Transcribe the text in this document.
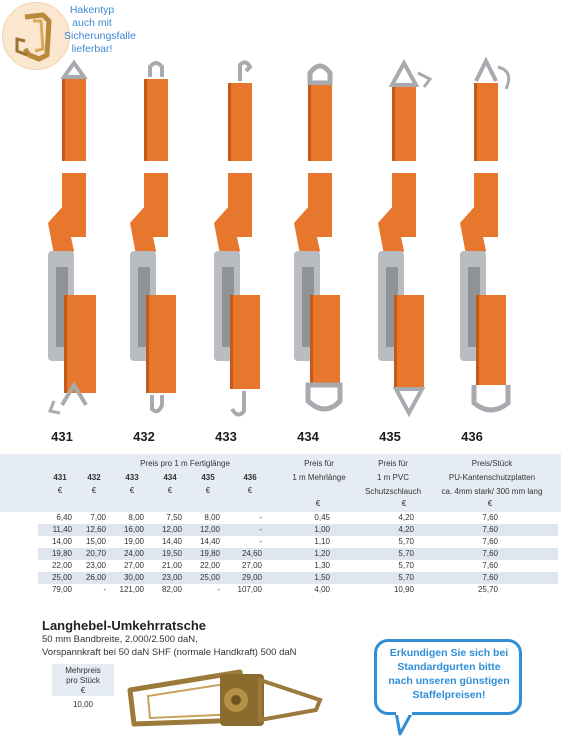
Hakentyp
auch mit
Sicherungsfalle
lieferbar!
431	432	433	434	435	436
Preis pro 1 m Fertiglänge
431	432	433	434	435	436
€	€	€	€	€	€
Preis für
1 m Mehrlänge
€
Preis für
1 m PVC
Schutzschlauch
€
Preis/Stück
PU-Kantenschutzplatten
ca. 4mm stark/ 300 mm lang
€
6,40	7,00	8,00	7,50	8,00	-	0,45	4,20	7,60
11,40	12,60	16,00	12,00	12,00	-	1,00	4,20	7,60
14,00	15,00	19,00	14,40	14,40	-	1,10	5,70	7,60
19,80	20,70	24,00	19,50	19,80	24,60	1,20	5,70	7,60
22,00	23,00	27,00	21,00	22,00	27,00	1,30	5,70	7,60
25,00	26,00	30,00	23,00	25,00	29,00	1,50	5,70	7,60
79,00	-	121,00	82,00	-	107,00	4,00	10,90	25,70
Langhebel-Umkehrratsche
50 mm Bandbreite, 2.000/2.500 daN,
Vorspannkraft bei 50 daN SHF (normale Handkraft) 500 daN
Mehrpreis
pro Stück
€
10,00
Erkundigen Sie sich bei
Standardgurten bitte
nach unseren günstigen
Staffelpreisen!
